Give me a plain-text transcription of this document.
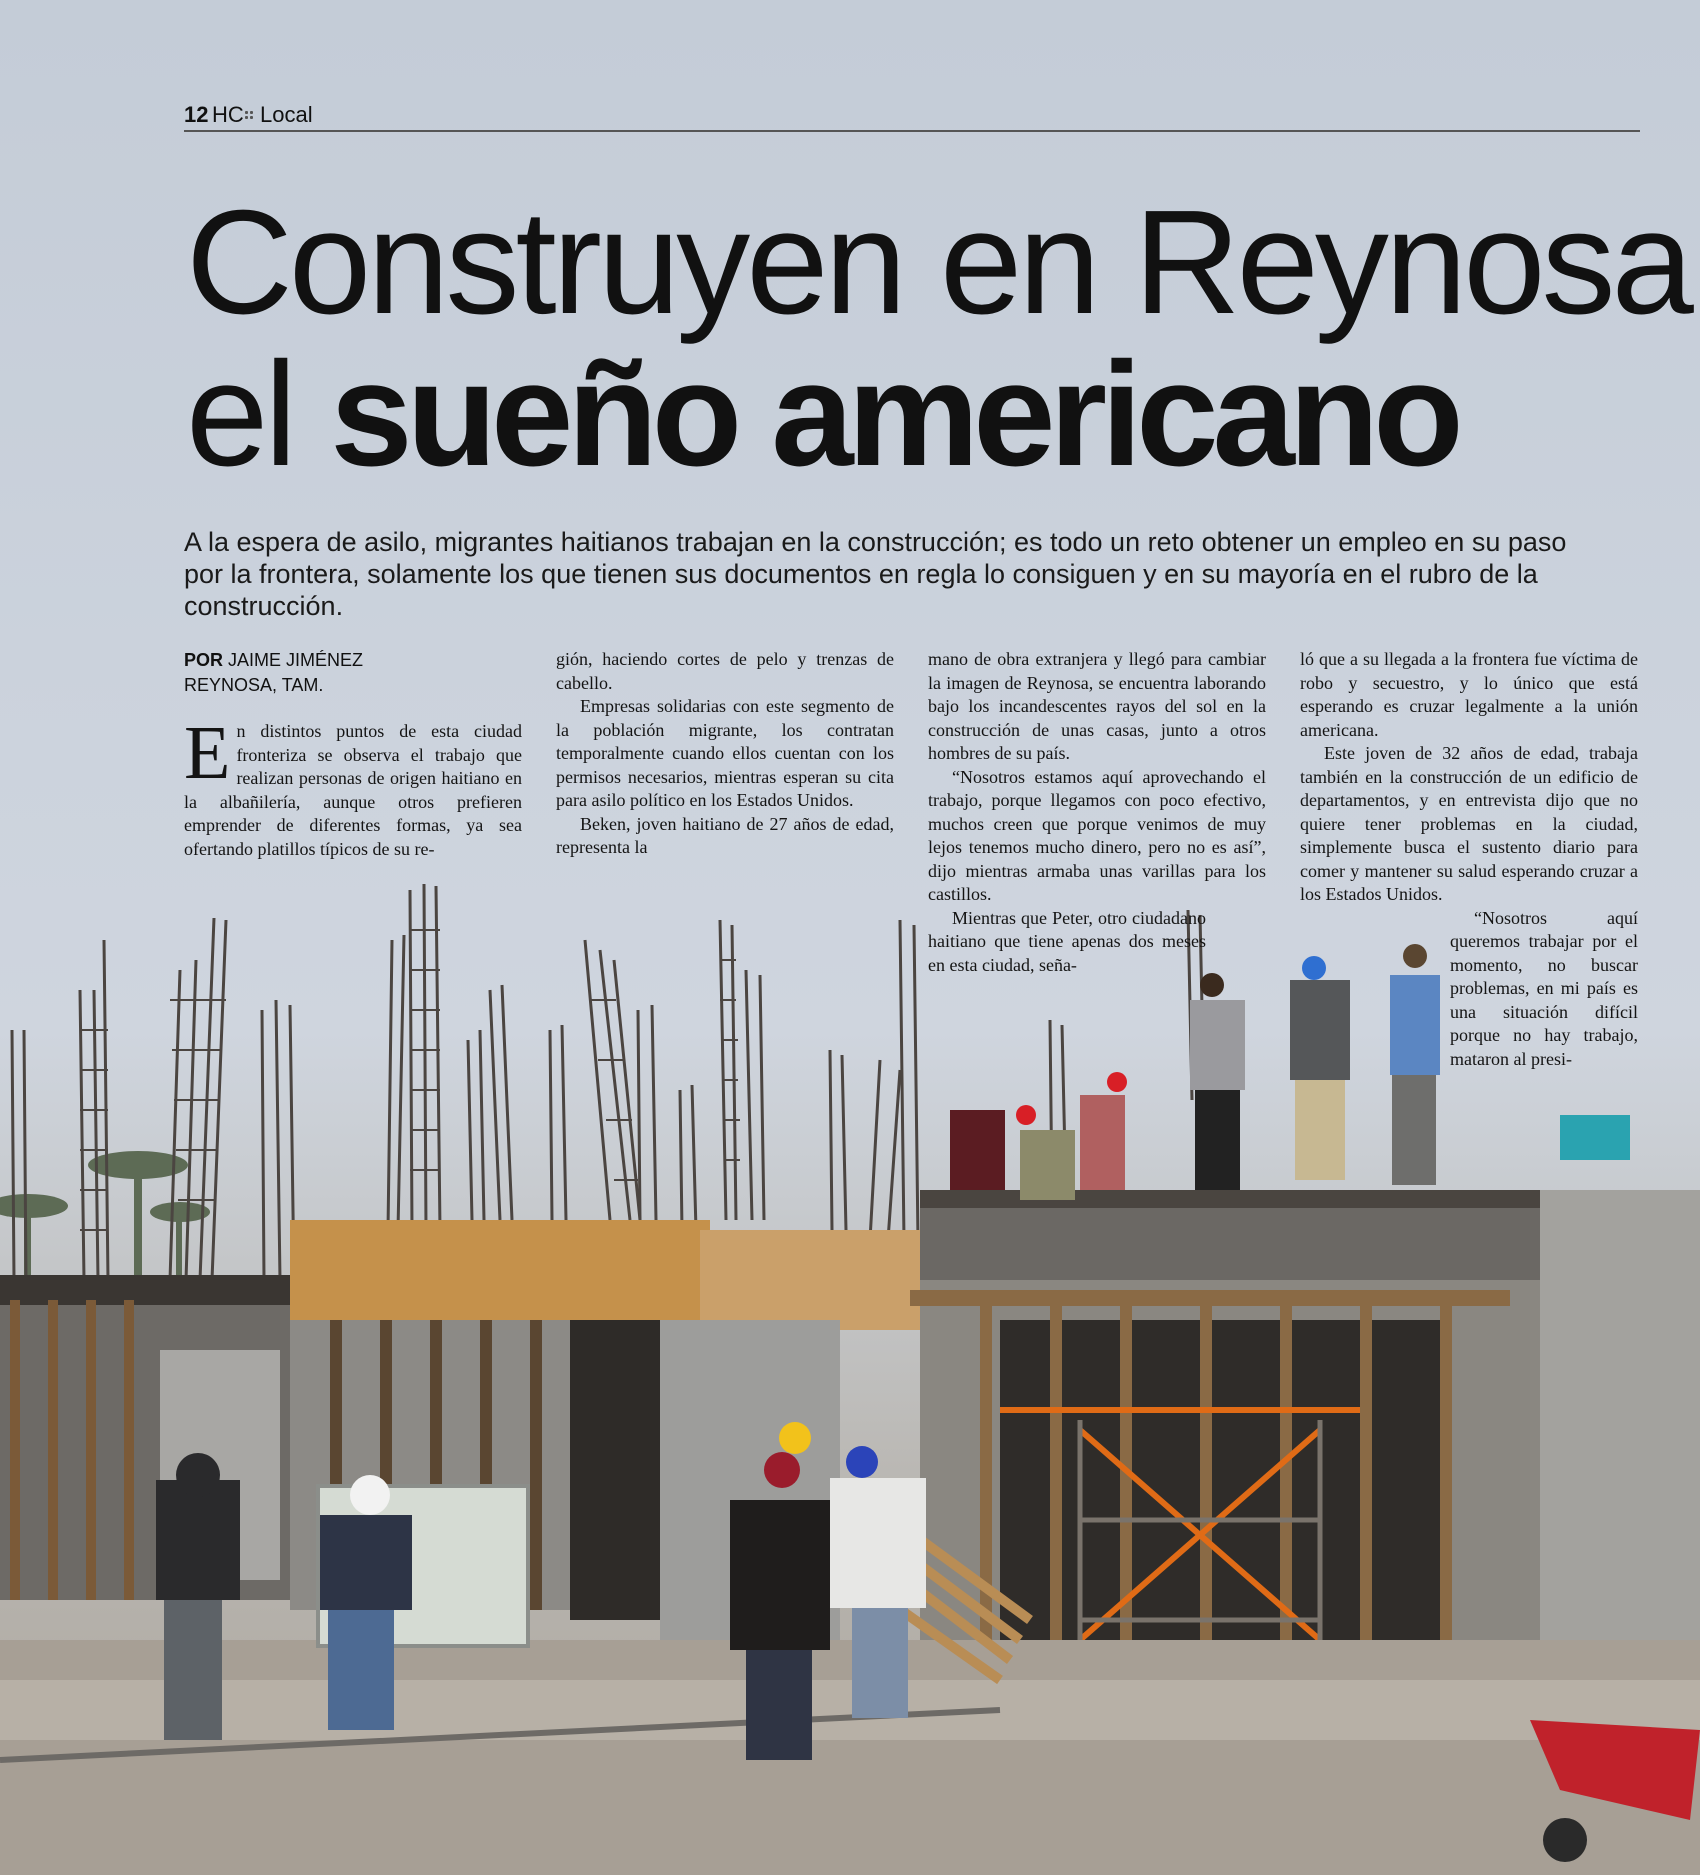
12 HC Local
Construyen en Reynosa
el sueño americano
A la espera de asilo, migrantes haitianos trabajan en la construcción; es todo un reto obtener un empleo en su paso por la frontera, solamente los que tienen sus documentos en regla lo consiguen y en su mayoría en el rubro de la construcción.
POR JAIME JIMÉNEZ
REYNOSA, TAM.

En distintos puntos de esta ciudad fronteriza se observa el trabajo que realizan personas de origen haitiano en la albañilería, aunque otros prefieren emprender de diferentes formas, ya sea ofertando platillos típicos de su re-

gión, haciendo cortes de pelo y trenzas de cabello.

Empresas solidarias con este segmento de la población migrante, los contratan temporalmente cuando ellos cuentan con los permisos necesarios, mientras esperan su cita para asilo político en los Estados Unidos.

Beken, joven haitiano de 27 años de edad, representa la

mano de obra extranjera y llegó para cambiar la imagen de Reynosa, se encuentra laborando bajo los incandescentes rayos del sol en la construcción de unas casas, junto a otros hombres de su país.

“Nosotros estamos aquí aprovechando el trabajo, porque llegamos con poco efectivo, muchos creen que porque venimos de muy lejos tenemos mucho dinero, pero no es así”, dijo mientras armaba unas varillas para los castillos.

Mientras que Peter, otro ciudadano haitiano que tiene apenas dos meses en esta ciudad, seña-

ló que a su llegada a la frontera fue víctima de robo y secuestro, y lo único que está esperando es cruzar legalmente a la unión americana.

Este joven de 32 años de edad, trabaja también en la construcción de un edificio de departamentos, y en entrevista dijo que no quiere tener problemas en la ciudad, simplemente busca el sustento diario para comer y mantener su salud esperando cruzar a los Estados Unidos.

“Nosotros aquí queremos trabajar por el momento, no buscar problemas, en mi país es una situación difícil porque no hay trabajo, mataron al presi-
